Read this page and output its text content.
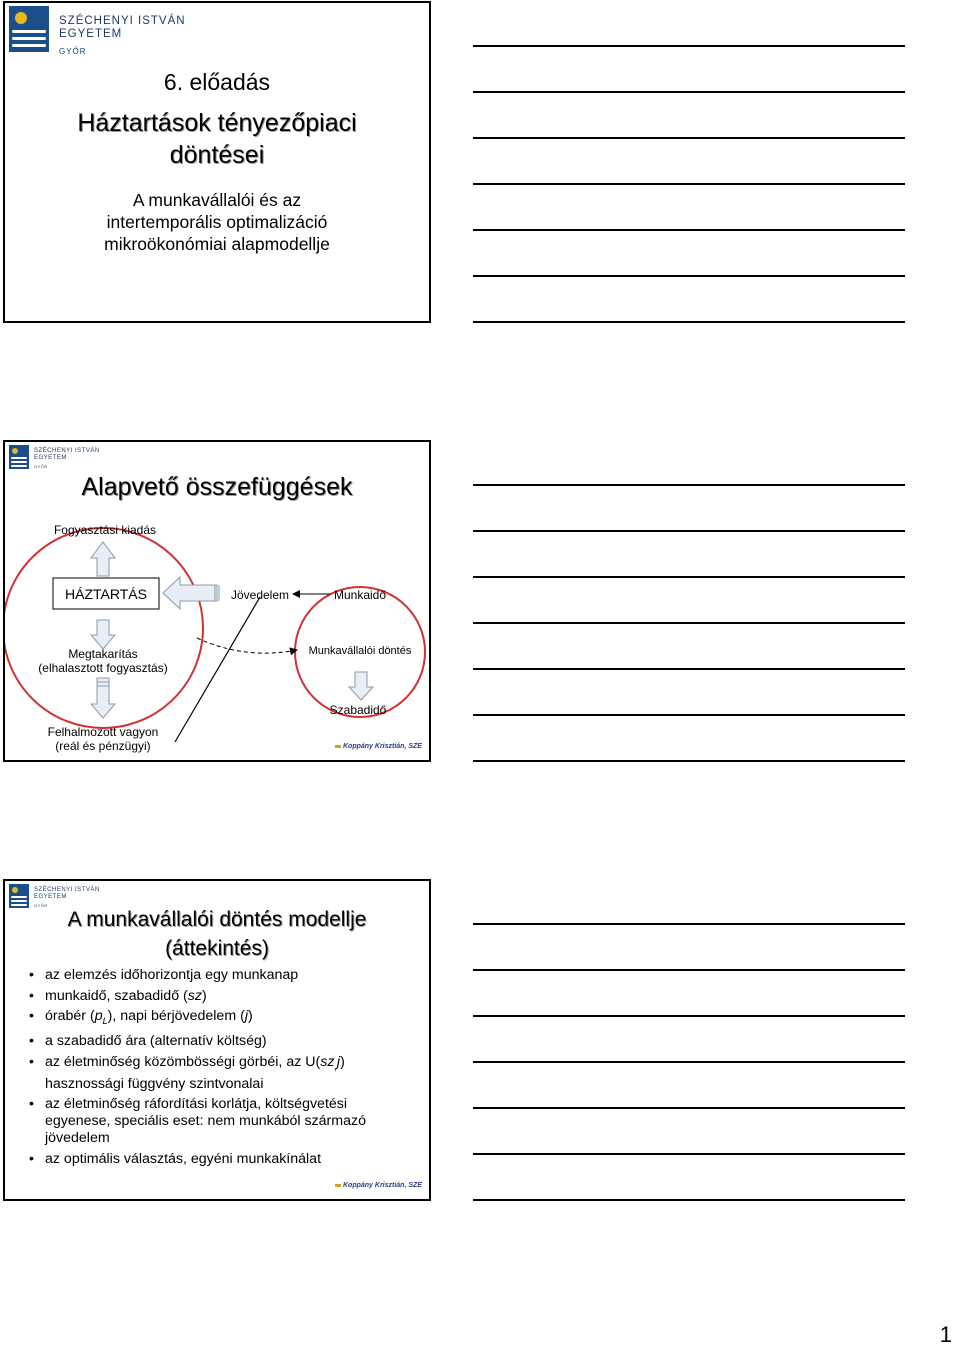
SZÉCHENYI ISTVÁN
EGYETEM
GYŐR
6. előadás
Háztartások tényezőpiaci
döntései
A munkavállalói és az
intertemporális optimalizáció
mikroökonómiai alapmodellje
SZÉCHENYI ISTVÁN
EGYETEM
GYŐR
Alapvető összefüggések
Fogyasztási kiadás
HÁZTARTÁS	Jövedelem	Munkaidő
Megtakarítás
(elhalasztott fogyasztás)
Munkavállalói döntés
Szabadidő
Felhalmozott vagyon
(reál és pénzügyi)	Koppány Krisztián, SZE
SZÉCHENYI ISTVÁN
EGYETEM
GYŐR
A munkavállalói döntés modellje
(áttekintés)
• az elemzés időhorizontja egy munkanap
• munkaidő, szabadidő (sz)
• órabér $(p_L)$, napi bérjövedelem (j)
• a szabadidő ára (alternatív költség)
• az életminőség közömbösségi görbéi, az $U(sz_,j)$
hasznossági függvény szintvonalai
• az életminőség ráfordítási korlátja, költségvetési
egyenese, speciális eset: nem munkából származó
jövedelem
• az optimális választás, egyéni munkakínálat
Koppány Krisztián, SZE
1
